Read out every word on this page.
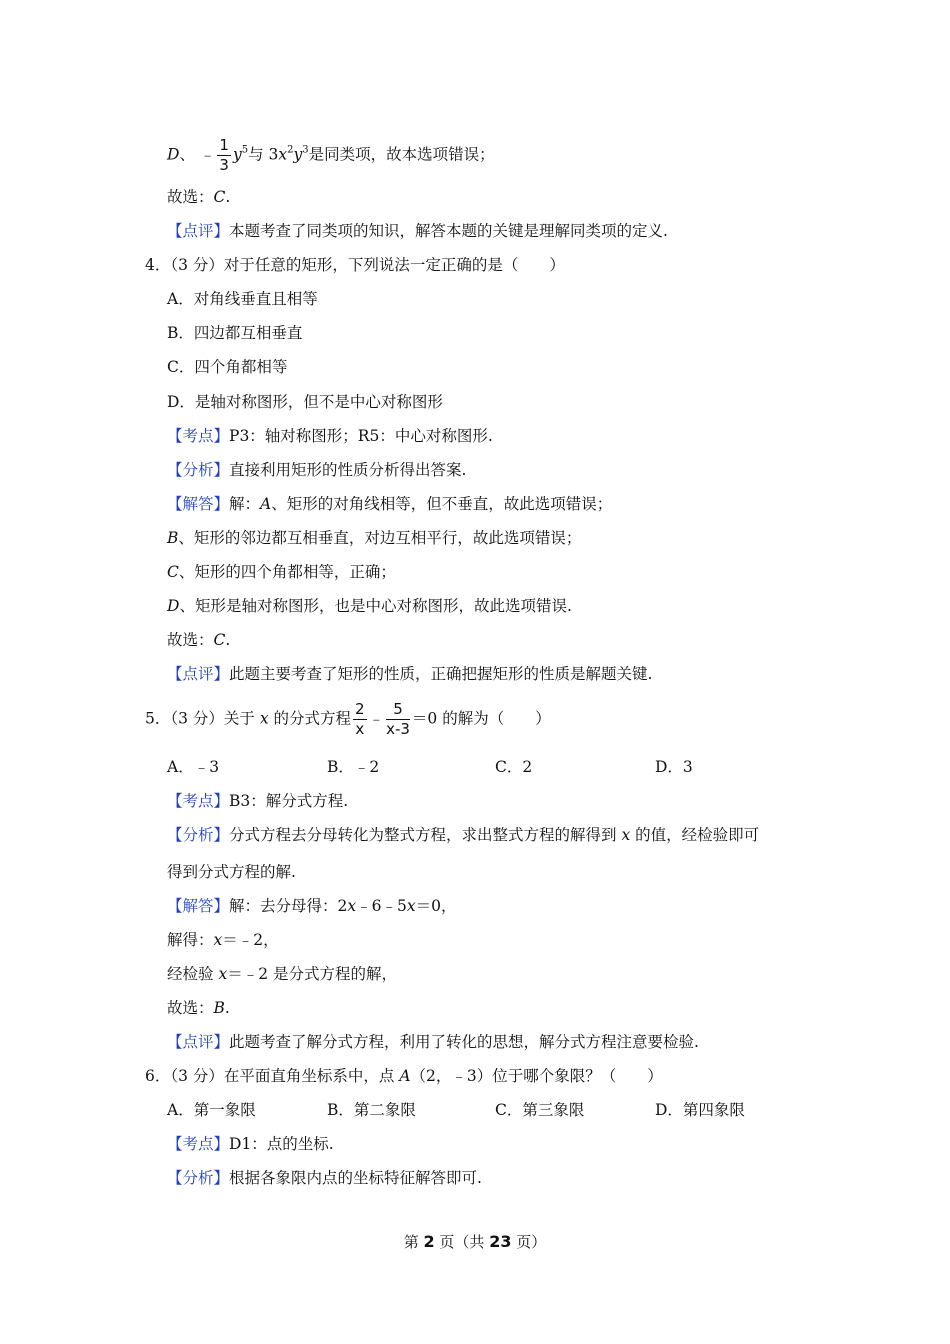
D、 ﹣ $\frac{1}{3} y^5$与 $3x^2y^3$是同类项，故本选项错误；
故选：C.
【点评】本题考查了同类项的知识，解答本题的关键是理解同类项的定义.
4．（3 分）对于任意的矩形，下列说法一定正确的是（　　）
A．对角线垂直且相等
B．四边都互相垂直
C．四个角都相等
D．是轴对称图形，但不是中心对称图形
【考点】P3：轴对称图形；R5：中心对称图形.
【分析】直接利用矩形的性质分析得出答案.
【解答】解：A、矩形的对角线相等，但不垂直，故此选项错误；
B、矩形的邻边都互相垂直，对边互相平行，故此选项错误；
C、矩形的四个角都相等，正确；
D、矩形是轴对称图形，也是中心对称图形，故此选项错误.
故选：C.
【点评】此题主要考查了矩形的性质，正确把握矩形的性质是解题关键.
5．（3 分）关于 x 的分式方程 $\frac{2}{x}$ ﹣ $\frac{5}{x-3} =0$ 的解为（　　）
A．﹣3	B．﹣2	C．2	D．3
【考点】B3：解分式方程.
【分析】分式方程去分母转化为整式方程，求出整式方程的解得到 x 的值，经检验即可
得到分式方程的解.
【解答】解：去分母得：2x﹣6﹣5x＝0，
解得：x＝﹣2，
经检验 x＝﹣2 是分式方程的解，
故选：B.
【点评】此题考查了解分式方程，利用了转化的思想，解分式方程注意要检验.
6．（3 分）在平面直角坐标系中，点 A（2，﹣3）位于哪个象限？（　　）
A．第一象限	B．第二象限	C．第三象限	D．第四象限
【考点】D1：点的坐标.
【分析】根据各象限内点的坐标特征解答即可.
第 2 页（共 23 页）
